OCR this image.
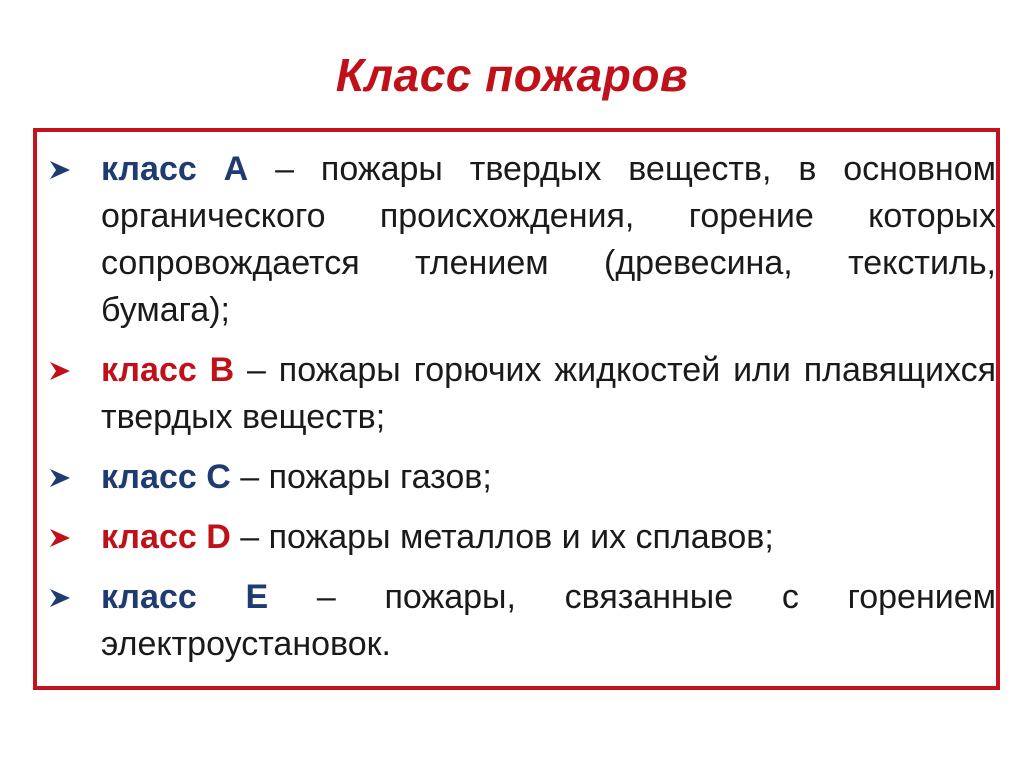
Класс пожаров
класс А – пожары твердых веществ, в основном органического происхождения, горение которых сопровождается тлением (древесина, текстиль, бумага);
класс В – пожары горючих жидкостей или плавящихся твердых веществ;
класс С – пожары газов;
класс D – пожары металлов и их сплавов;
класс Е – пожары, связанные с горением электроустановок.
